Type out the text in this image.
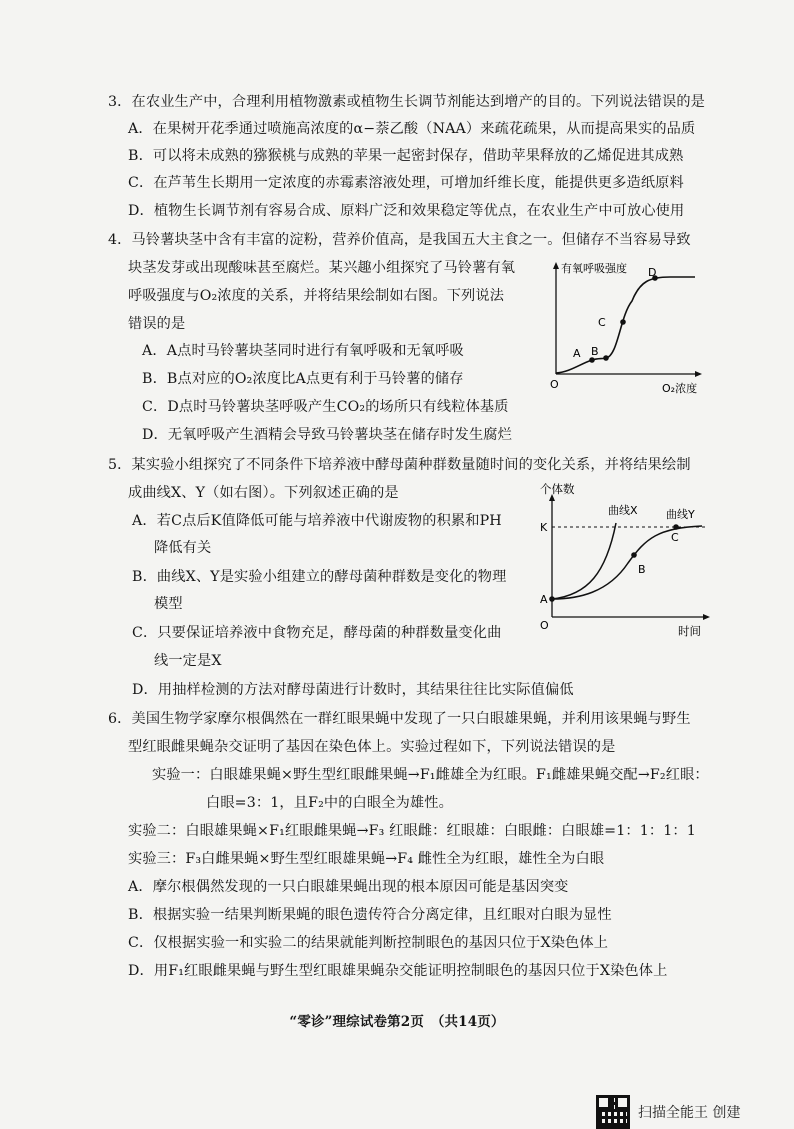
3．在农业生产中，合理利用植物激素或植物生长调节剂能达到增产的目的。下列说法错误的是
A．在果树开花季通过喷施高浓度的α−萘乙酸（NAA）来疏花疏果，从而提高果实的品质
B．可以将未成熟的猕猴桃与成熟的苹果一起密封保存，借助苹果释放的乙烯促进其成熟
C．在芦苇生长期用一定浓度的赤霉素溶液处理，可增加纤维长度，能提供更多造纸原料
D．植物生长调节剂有容易合成、原料广泛和效果稳定等优点，在农业生产中可放心使用
4．马铃薯块茎中含有丰富的淀粉，营养价值高，是我国五大主食之一。但储存不当容易导致
块茎发芽或出现酸味甚至腐烂。某兴趣小组探究了马铃薯有氧
呼吸强度与O₂浓度的关系，并将结果绘制如右图。下列说法
错误的是
A．A点时马铃薯块茎同时进行有氧呼吸和无氧呼吸
B．B点对应的O₂浓度比A点更有利于马铃薯的储存
C．D点时马铃薯块茎呼吸产生CO₂的场所只有线粒体基质
D．无氧呼吸产生酒精会导致马铃薯块茎在储存时发生腐烂
有氧呼吸强度
O₂浓度
O
A B
C
D
5．某实验小组探究了不同条件下培养液中酵母菌种群数量随时间的变化关系，并将结果绘制
成曲线X、Y（如右图）。下列叙述正确的是
A．若C点后K值降低可能与培养液中代谢废物的积累和PH
降低有关
B．曲线X、Y是实验小组建立的酵母菌种群数是变化的物理
模型
C．只要保证培养液中食物充足，酵母菌的种群数量变化曲
线一定是X
D．用抽样检测的方法对酵母菌进行计数时，其结果往往比实际值偏低
个体数
时间
O
K
曲线X	曲线Y
A
B
C
6．美国生物学家摩尔根偶然在一群红眼果蝇中发现了一只白眼雄果蝇，并利用该果蝇与野生
型红眼雌果蝇杂交证明了基因在染色体上。实验过程如下，下列说法错误的是
实验一：白眼雄果蝇×野生型红眼雌果蝇→F₁雌雄全为红眼。F₁雌雄果蝇交配→F₂红眼：
白眼=3：1，且F₂中的白眼全为雄性。
实验二：白眼雄果蝇×F₁红眼雌果蝇→F₃ 红眼雌：红眼雄：白眼雌：白眼雄=1：1：1：1
实验三：F₃白雌果蝇×野生型红眼雄果蝇→F₄ 雌性全为红眼，雄性全为白眼
A．摩尔根偶然发现的一只白眼雄果蝇出现的根本原因可能是基因突变
B．根据实验一结果判断果蝇的眼色遗传符合分离定律，且红眼对白眼为显性
C．仅根据实验一和实验二的结果就能判断控制眼色的基因只位于X染色体上
D．用F₁红眼雌果蝇与野生型红眼雄果蝇杂交能证明控制眼色的基因只位于X染色体上
“零诊”理综试卷第2页　（共14页）
扫描全能王 创建
